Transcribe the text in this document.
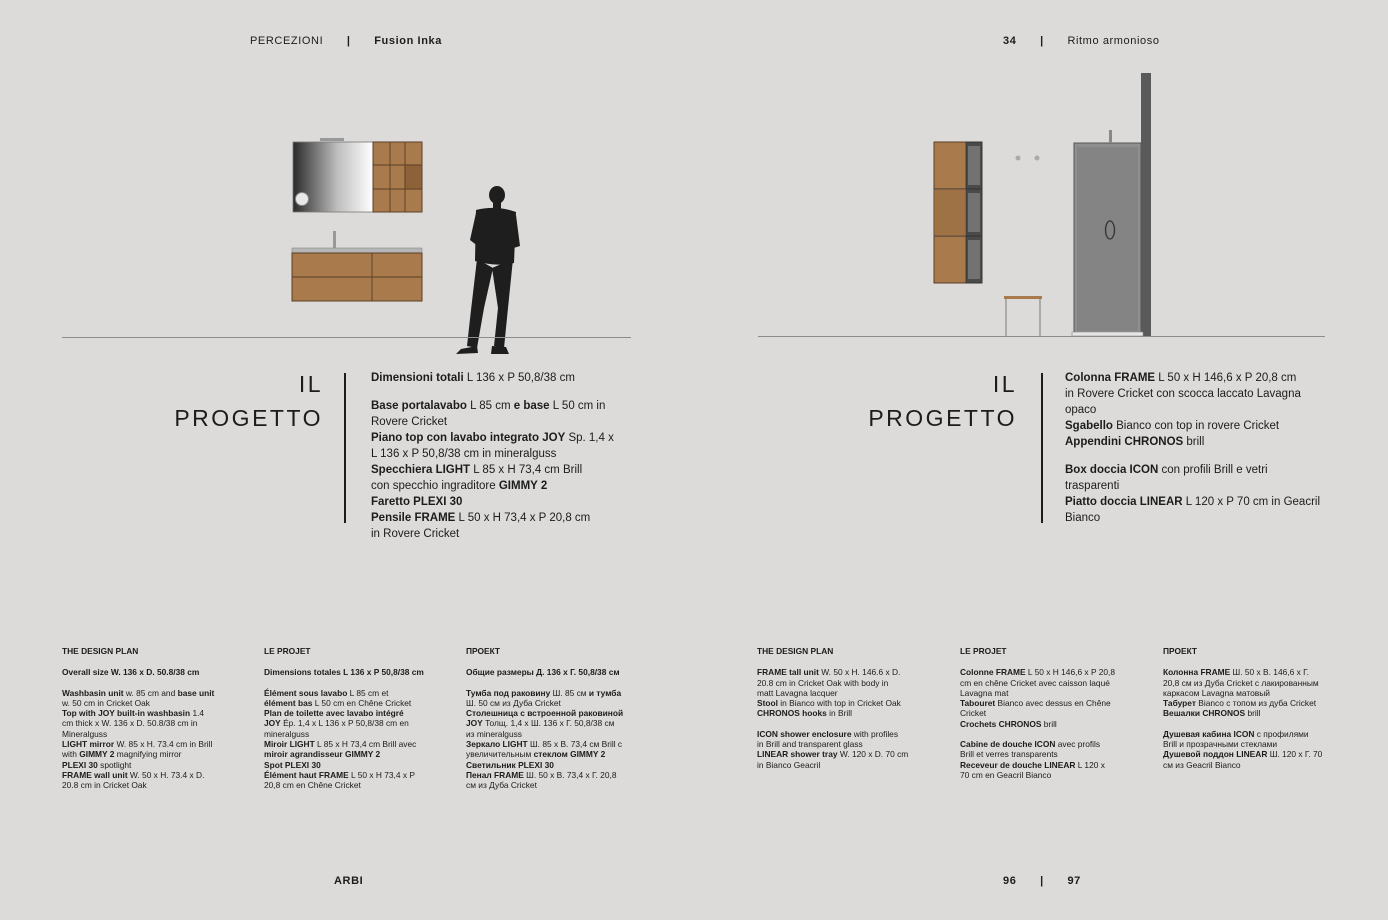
PERCEZIONI | Fusion Inka	34 | Ritmo armonioso
IL
PROGETTO

Dimensioni totali L 136 x P 50,8/38 cm

Base portalavabo L 85 cm e base L 50 cm in

Rovere Cricket

Piano top con lavabo integrato JOY Sp. 1,4 x

L 136 x P 50,8/38 cm in mineralguss

Specchiera LIGHT L 85 x H 73,4 cm Brill

con specchio ingraditore GIMMY 2

Faretto PLEXI 30

Pensile FRAME L 50 x H 73,4 x P 20,8 cm

in Rovere Cricket

IL
PROGETTO

Colonna FRAME L 50 x H 146,6 x P 20,8 cm

in Rovere Cricket con scocca laccato Lavagna

opaco

Sgabello Bianco con top in rovere Cricket

Appendini CHRONOS brill

Box doccia ICON con profili Brill e vetri

trasparenti

Piatto doccia LINEAR L 120 x P 70 cm in Geacril

Bianco

THE DESIGN PLAN

Overall size W. 136 x D. 50.8/38 cm

Washbasin unit w. 85 cm and base unit

w. 50 cm in Cricket Oak

Top with JOY built-in washbasin 1.4

cm thick x W. 136 x D. 50.8/38 cm in

Mineralguss

LIGHT mirror W. 85 x H. 73.4 cm in Brill

with GIMMY 2 magnifying mirror

PLEXI 30 spotlight

FRAME wall unit W. 50 x H. 73.4 x D.

20.8 cm in Cricket Oak

LE PROJET

Dimensions totales L 136 x P 50,8/38 cm

Élément sous lavabo L 85 cm et

élément bas L 50 cm en Chêne Cricket

Plan de toilette avec lavabo intégré

JOY Ép. 1,4 x L 136 x P 50,8/38 cm en

mineralguss

Miroir LIGHT L 85 x H 73,4 cm Brill avec

miroir agrandisseur GIMMY 2

Spot PLEXI 30

Élément haut FRAME L 50 x H 73,4 x P

20,8 cm en Chêne Cricket

ПРОЕКТ

Общие размеры Д. 136 x Г. 50,8/38 см

Тумба под раковину Ш. 85 см и тумба

Ш. 50 см из Дуба Cricket

Столешница с встроенной раковиной

JOY Толщ. 1,4 x Ш. 136 x Г. 50,8/38 см

из mineralguss

Зеркало LIGHT Ш. 85 x В. 73,4 см Brill с

увеличительным стеклом GIMMY 2

Светильник PLEXI 30

Пенал FRAME Ш. 50 x В. 73,4 x Г. 20,8

см из Дуба Cricket

THE DESIGN PLAN

FRAME tall unit W. 50 x H. 146.6 x D.

20.8 cm in Cricket Oak with body in

matt Lavagna lacquer

Stool in Bianco with top in Cricket Oak

CHRONOS hooks in Brill

ICON shower enclosure with profiles

in Brill and transparent glass

LINEAR shower tray W. 120 x D. 70 cm

in Bianco Geacril

LE PROJET

Colonne FRAME L 50 x H 146,6 x P 20,8

cm en chêne Cricket avec caisson laqué

Lavagna mat

Tabouret Bianco avec dessus en Chêne

Cricket

Crochets CHRONOS brill

Cabine de douche ICON avec profils

Brill et verres transparents

Receveur de douche LINEAR L 120 x

70 cm en Geacril Bianco

ПРОЕКТ

Колонна FRAME Ш. 50 x В. 146,6 x Г.

20,8 см из Дуба Cricket с лакированным

каркасом Lavagna матовый

Табурет Bianco с топом из дуба Cricket

Вешалки CHRONOS brill

Душевая кабина ICON с профилями

Brill и прозрачными стеклами

Душевой поддон LINEAR Ш. 120 x Г. 70

см из Geacril Bianco

ARBI	96 | 97
